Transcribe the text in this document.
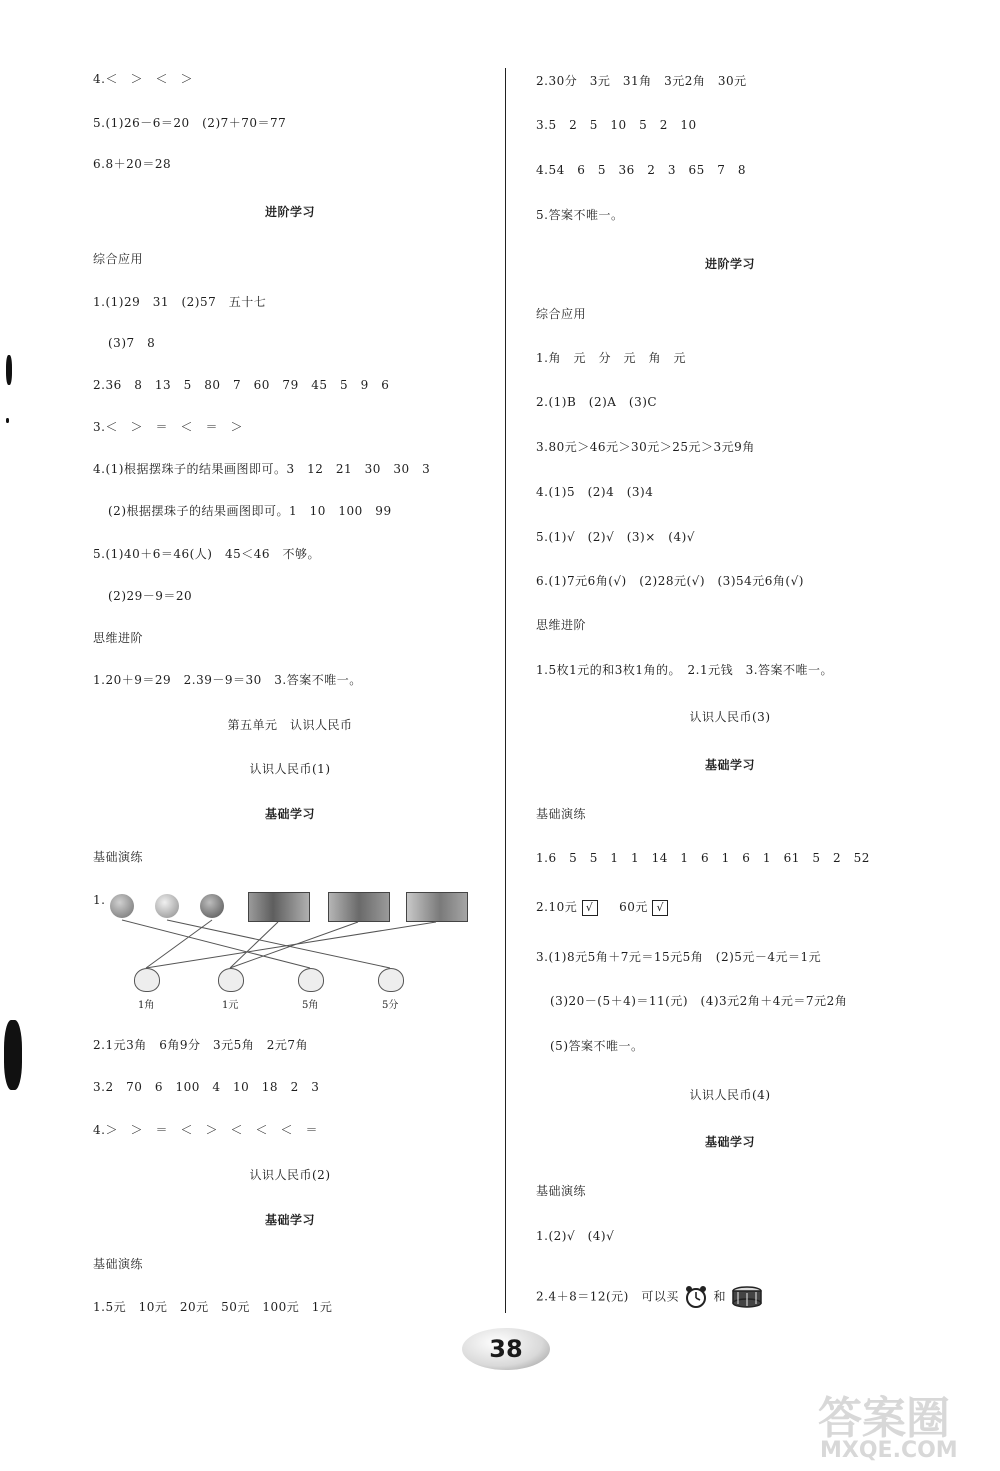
4.＜　＞　＜　＞
5.(1)26－6＝20　(2)7＋70＝77
6.8＋20＝28
进阶学习
综合应用
1.(1)29　31　(2)57　五十七
(3)7　8
2.36　8　13　5　80　7　60　79　45　5　9　6
3.＜　＞　＝　＜　＝　＞
4.(1)根据摆珠子的结果画图即可。3　12　21　30　30　3
(2)根据摆珠子的结果画图即可。1　10　100　99
5.(1)40＋6＝46(人)　45＜46　不够。
(2)29－9＝20
思维进阶
1.20＋9＝29　2.39－9＝30　3.答案不唯一。
第五单元　认识人民币
认识人民币(1)
基础学习
基础演练
1.
1角	1元	5角	5分
2.1元3角　6角9分　3元5角　2元7角
3.2　70　6　100　4　10　18　2　3
4.＞　＞　＝　＜　＞　＜　＜　＜　＝
认识人民币(2)
基础学习
基础演练
1.5元　10元　20元　50元　100元　1元
2.30分　3元　31角　3元2角　30元
3.5　2　5　10　5　2　10
4.54　6　5　36　2　3　65　7　8
5.答案不唯一。
进阶学习
综合应用
1.角　元　分　元　角　元
2.(1)B　(2)A　(3)C
3.80元＞46元＞30元＞25元＞3元9角
4.(1)5　(2)4　(3)4
5.(1)√　(2)√　(3)×　(4)√
6.(1)7元6角(√)　(2)28元(√)　(3)54元6角(√)
思维进阶
1.5枚1元的和3枚1角的。　2.1元钱　3.答案不唯一。
认识人民币(3)
基础学习
基础演练
1.6　5　5　1　1　14　1　6　1　6　1　61　5　2　52
2.10元 √ 60元 √
3.(1)8元5角＋7元＝15元5角　(2)5元－4元＝1元
(3)20－(5＋4)＝11(元)　(4)3元2角＋4元＝7元2角
(5)答案不唯一。
认识人民币(4)
基础学习
基础演练
1.(2)√　(4)√
2.4＋8＝12(元)　可以买	和
38
答案圈
MXQE.COM
